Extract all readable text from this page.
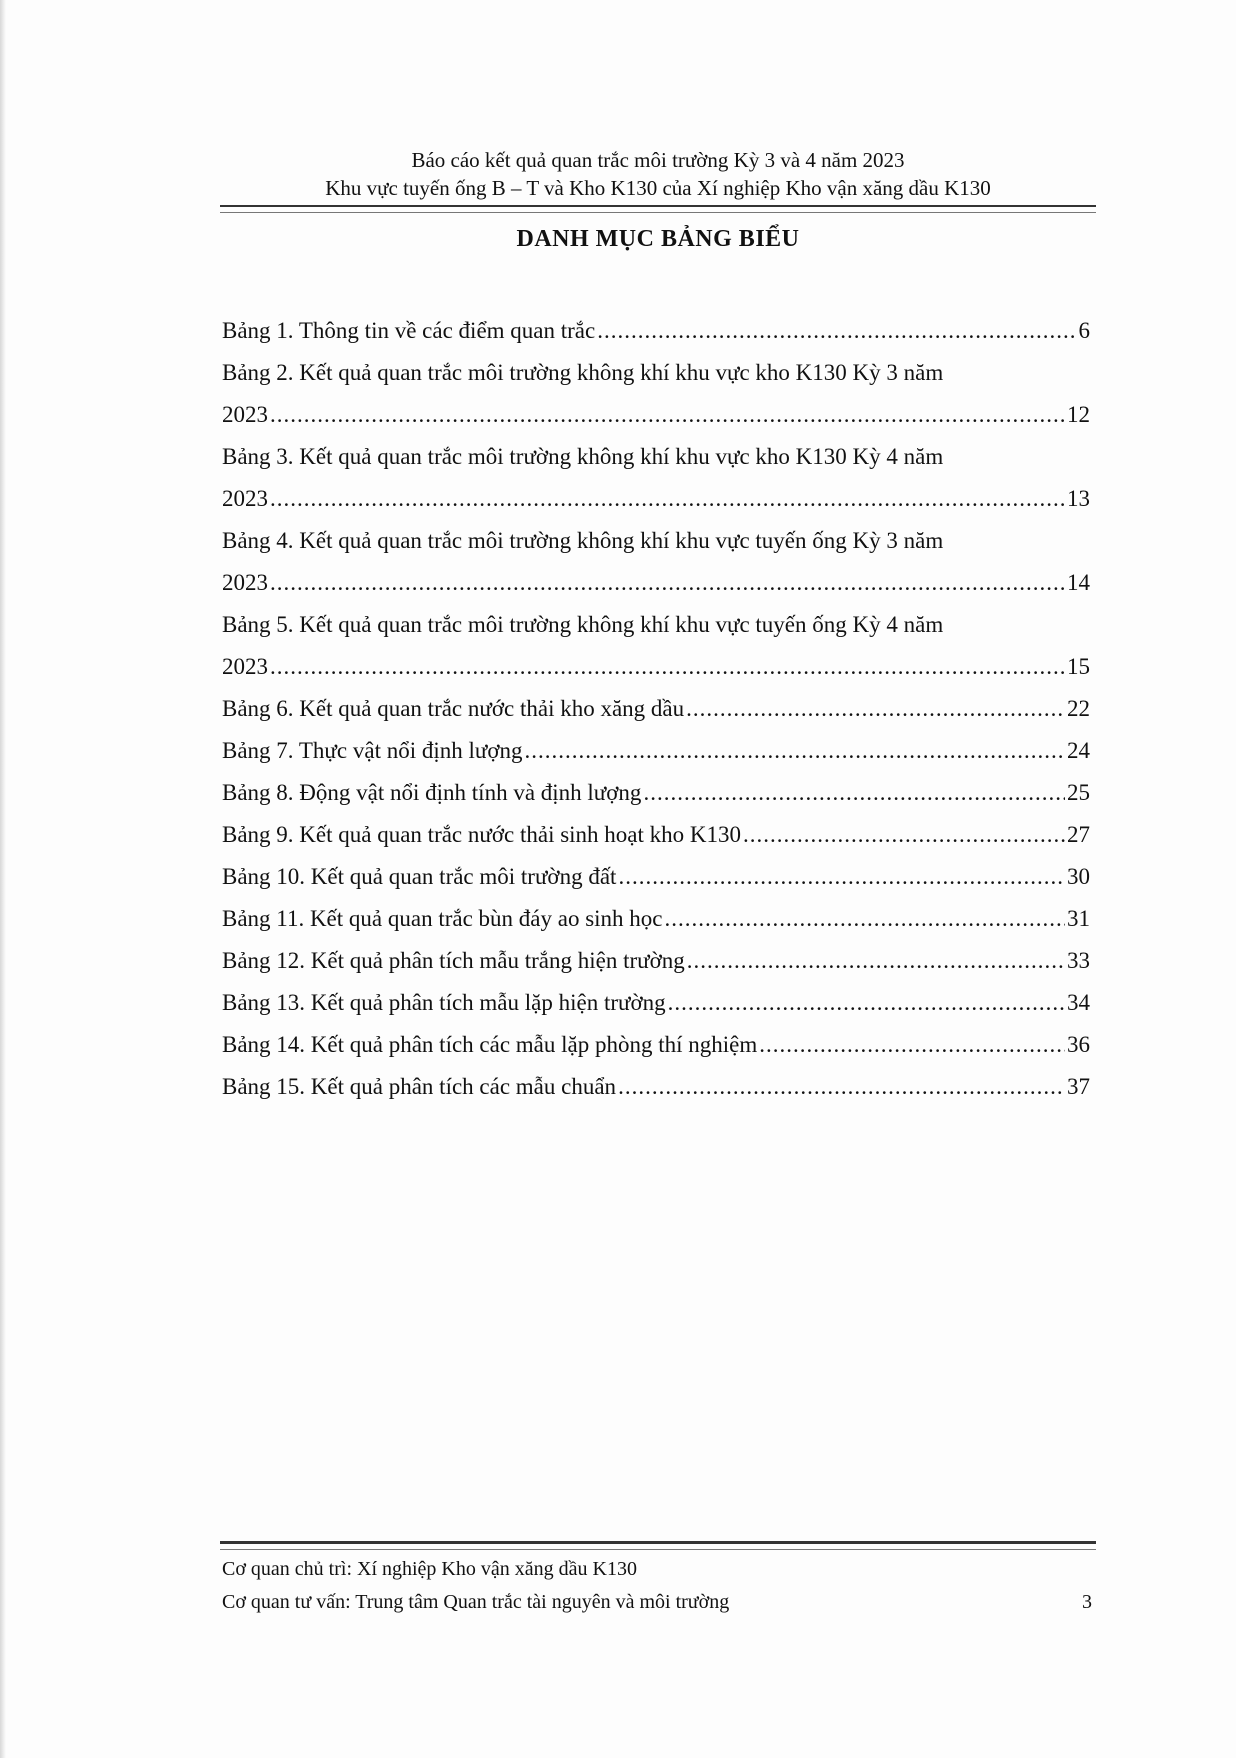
Báo cáo kết quả quan trắc môi trường Kỳ 3 và 4 năm 2023
Khu vực tuyến ống B – T và Kho K130 của Xí nghiệp Kho vận xăng dầu K130
DANH MỤC BẢNG BIỂU
Bảng 1. Thông tin về các điểm quan trắc .....	6
Bảng 2. Kết quả quan trắc môi trường không khí khu vực kho K130 Kỳ 3 năm
2023 .....	12
Bảng 3. Kết quả quan trắc môi trường không khí khu vực kho K130 Kỳ 4 năm
2023 .....	13
Bảng 4. Kết quả quan trắc môi trường không khí khu vực tuyến ống Kỳ 3 năm
2023 .....	14
Bảng 5. Kết quả quan trắc môi trường không khí khu vực tuyến ống Kỳ 4 năm
2023 .....	15
Bảng 6. Kết quả quan trắc nước thải kho xăng dầu .....	22
Bảng 7. Thực vật nổi định lượng .....	24
Bảng 8. Động vật nổi định tính và định lượng .....	25
Bảng 9. Kết quả quan trắc nước thải sinh hoạt kho K130 .....	27
Bảng 10. Kết quả quan trắc môi trường đất .....	30
Bảng 11. Kết quả quan trắc bùn đáy ao sinh học .....	31
Bảng 12. Kết quả phân tích mẫu trắng hiện trường .....	33
Bảng 13. Kết quả phân tích mẫu lặp hiện trường .....	34
Bảng 14. Kết quả phân tích các mẫu lặp phòng thí nghiệm .....	36
Bảng 15. Kết quả phân tích các mẫu chuẩn .....	37
Cơ quan chủ trì: Xí nghiệp Kho vận xăng dầu K130
Cơ quan tư vấn: Trung tâm Quan trắc tài nguyên và môi trường	3
